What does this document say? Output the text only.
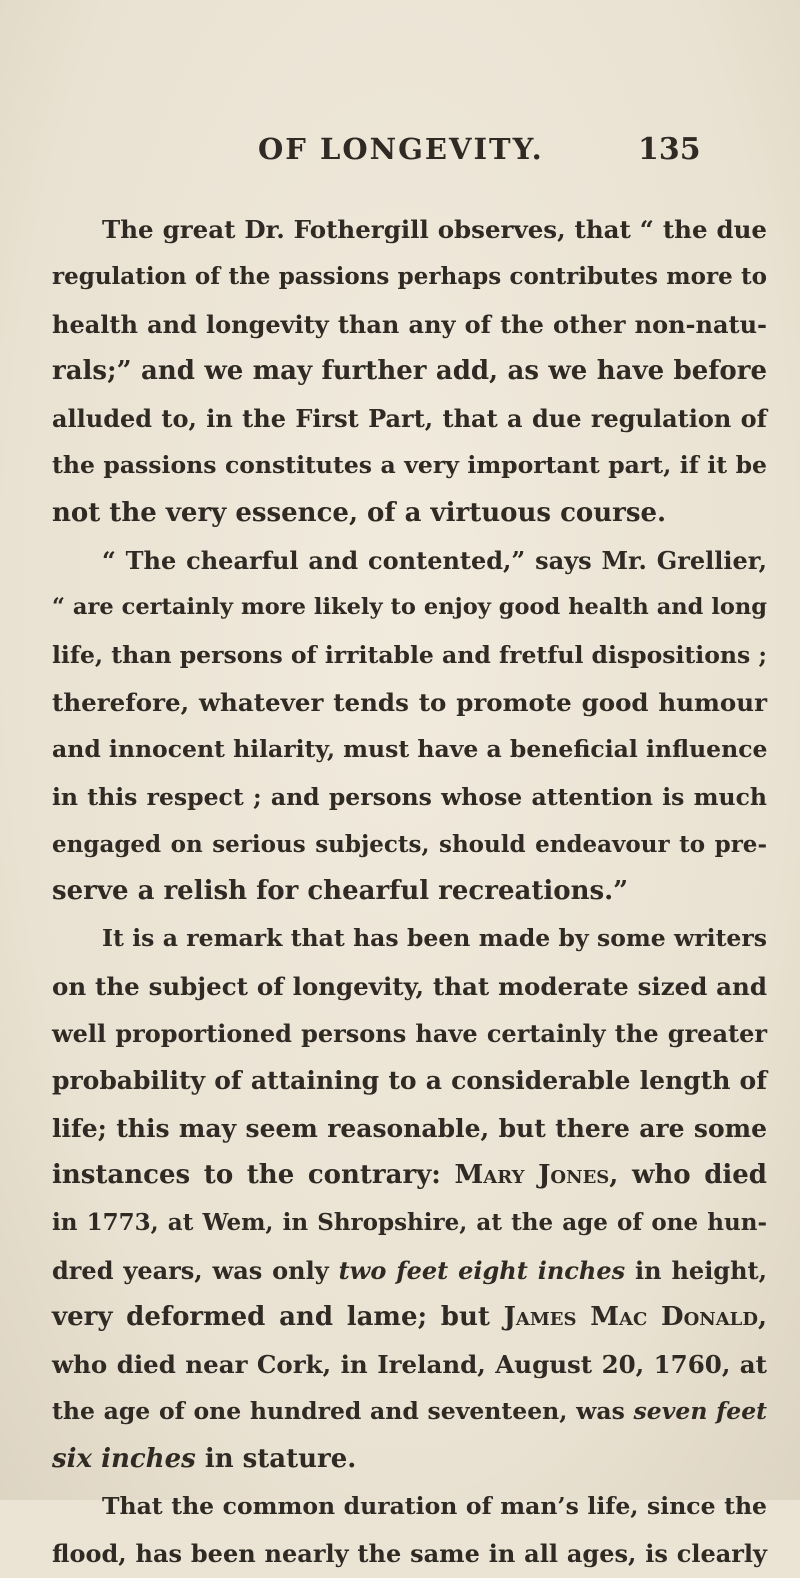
OF LONGEVITY.	135
The great Dr. Fothergill observes, that “ the due
regulation of the passions perhaps contributes more to
health and longevity than any of the other non-natu-
rals;” and we may further add, as we have before
alluded to, in the First Part, that a due regulation of
the passions constitutes a very important part, if it be
not the very essence, of a virtuous course.
“ The chearful and contented,” says Mr. Grellier,
“ are certainly more likely to enjoy good health and long
life, than persons of irritable and fretful dispositions ;
therefore, whatever tends to promote good humour
and innocent hilarity, must have a beneficial influence
in this respect ; and persons whose attention is much
engaged on serious subjects, should endeavour to pre-
serve a relish for chearful recreations.”
It is a remark that has been made by some writers
on the subject of longevity, that moderate sized and
well proportioned persons have certainly the greater
probability of attaining to a considerable length of
life; this may seem reasonable, but there are some
instances to the contrary: Mary Jones, who died
in 1773, at Wem, in Shropshire, at the age of one hun-
dred years, was only two feet eight inches in height,
very deformed and lame; but James Mac Donald,
who died near Cork, in Ireland, August 20, 1760, at
the age of one hundred and seventeen, was seven feet
six inches in stature.
That the common duration of man’s life, since the
flood, has been nearly the same in all ages, is clearly
